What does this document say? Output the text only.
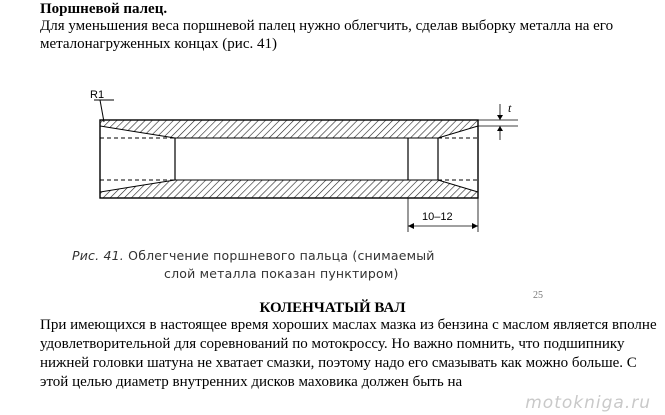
Поршневой палец.
Для уменьшения веса поршневой палец нужно облегчить, сделав выборку металла на его металонагруженных концах (рис. 41)
R1
t
10–12
Рис. 41. Облегчение поршневого пальца (снимаемый
слой металла показан пунктиром)
25
КОЛЕНЧАТЫЙ ВАЛ
При имеющихся в настоящее время хороших маслах мазка из бензина с маслом является вполне удовлетворительной для соревнований по мотокроссу. Но важно помнить, что подшипнику нижней головки шатуна не хватает смазки, поэтому надо его смазывать как можно больше. С этой целью диаметр внутренних дисков маховика должен быть на
motokniga.ru
